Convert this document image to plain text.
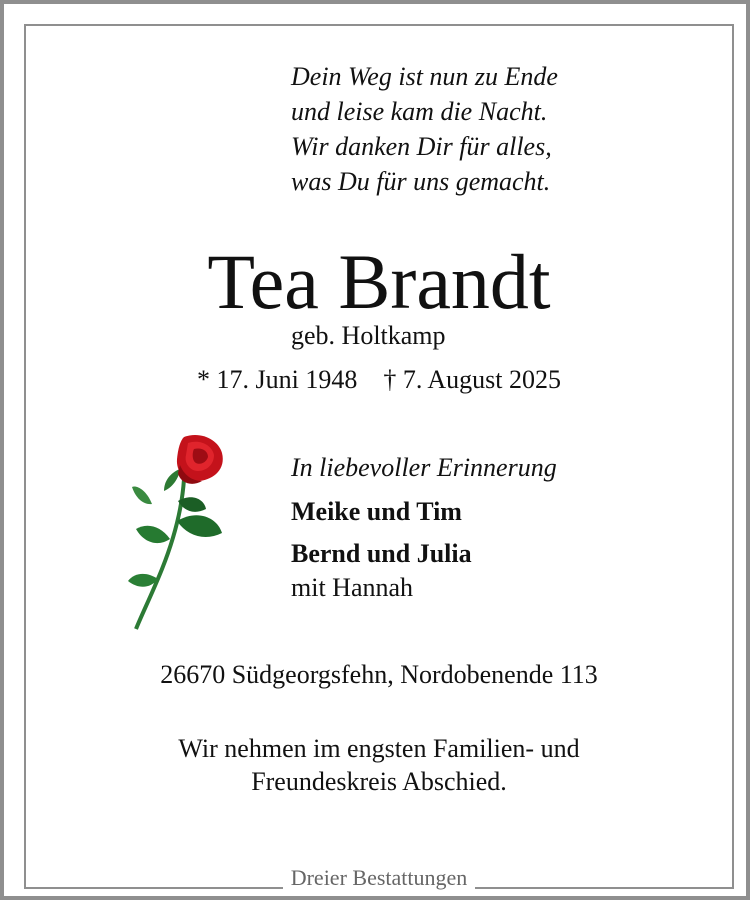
Dein Weg ist nun zu Ende
und leise kam die Nacht.
Wir danken Dir für alles,
was Du für uns gemacht.
Tea Brandt
geb. Holtkamp
* 17. Juni 1948 † 7. August 2025
In liebevoller Erinnerung
Meike und Tim
Bernd und Julia
mit Hannah
26670 Südgeorgsfehn, Nordobenende 113
Wir nehmen im engsten Familien- und
Freundeskreis Abschied.
Dreier Bestattungen
